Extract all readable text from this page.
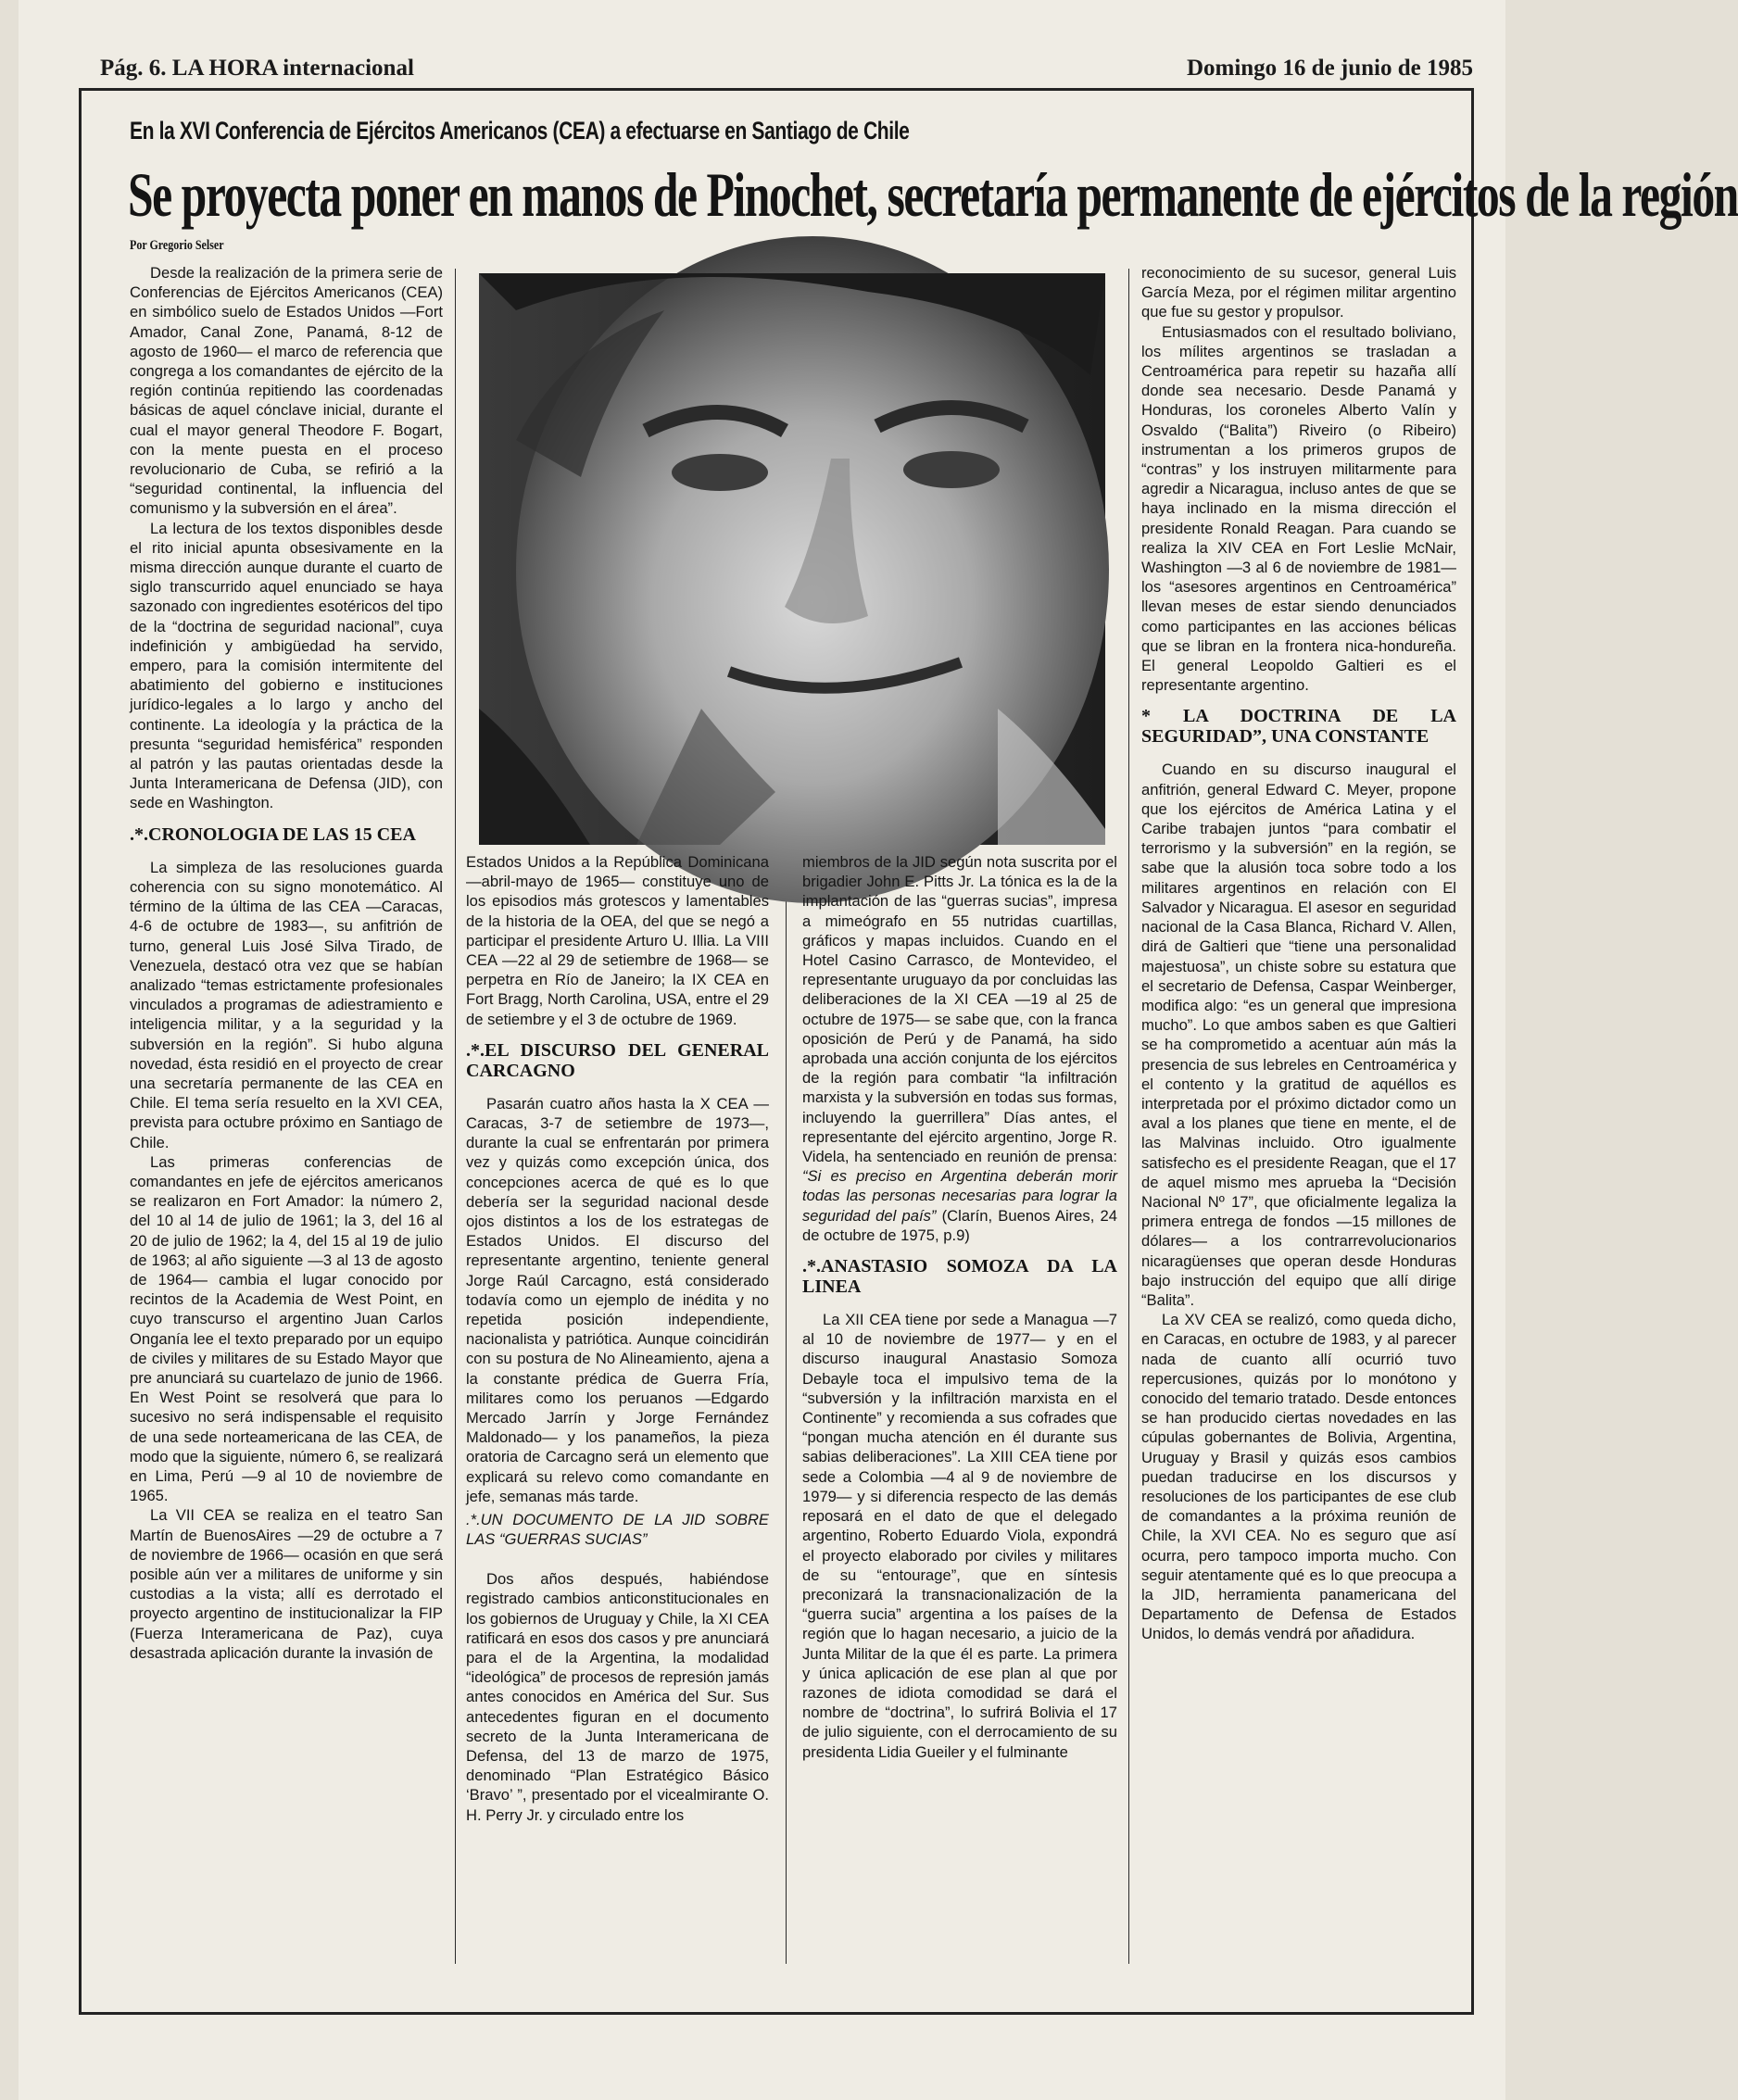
Pág. 6. LA HORA internacional	Domingo 16 de junio de 1985
En la XVI Conferencia de Ejércitos Americanos (CEA) a efectuarse en Santiago de Chile
Se proyecta poner en manos de Pinochet, secretaría permanente de ejércitos de la región
Por Gregorio Selser

Desde la realización de la primera serie de Conferencias de Ejércitos Americanos (CEA) en simbólico suelo de Estados Unidos —Fort Amador, Canal Zone, Panamá, 8-12 de agosto de 1960— el marco de referencia que congrega a los comandantes de ejército de la región continúa repitiendo las coordenadas básicas de aquel cónclave inicial, durante el cual el mayor general Theodore F. Bogart, con la mente puesta en el proceso revolucionario de Cuba, se refirió a la “seguridad continental, la influencia del comunismo y la subversión en el área”.

La lectura de los textos disponibles desde el rito inicial apunta obsesivamente en la misma dirección aunque durante el cuarto de siglo transcurrido aquel enunciado se haya sazonado con ingredientes esotéricos del tipo de la “doctrina de seguridad nacional”, cuya indefinición y ambigüedad ha servido, empero, para la comisión intermitente del abatimiento del gobierno e instituciones jurídico-legales a lo largo y ancho del continente. La ideología y la práctica de la presunta “seguridad hemisférica” responden al patrón y las pautas orientadas desde la Junta Interamericana de Defensa (JID), con sede en Washington.

.*.CRONOLOGIA DE LAS 15 CEA

La simpleza de las resoluciones guarda coherencia con su signo monotemático. Al término de la última de las CEA —Caracas, 4-6 de octubre de 1983—, su anfitrión de turno, general Luis José Silva Tirado, de Venezuela, destacó otra vez que se habían analizado “temas estrictamente profesionales vinculados a programas de adiestramiento e inteligencia militar, y a la seguridad y la subversión en la región”. Si hubo alguna novedad, ésta residió en el proyecto de crear una secretaría permanente de las CEA en Chile. El tema sería resuelto en la XVI CEA, prevista para octubre próximo en Santiago de Chile.

Las primeras conferencias de comandantes en jefe de ejércitos americanos se realizaron en Fort Amador: la número 2, del 10 al 14 de julio de 1961; la 3, del 16 al 20 de julio de 1962; la 4, del 15 al 19 de julio de 1963; al año siguiente —3 al 13 de agosto de 1964— cambia el lugar conocido por recintos de la Academia de West Point, en cuyo transcurso el argentino Juan Carlos Onganía lee el texto preparado por un equipo de civiles y militares de su Estado Mayor que pre anunciará su cuartelazo de junio de 1966. En West Point se resolverá que para lo sucesivo no será indispensable el requisito de una sede norteamericana de las CEA, de modo que la siguiente, número 6, se realizará en Lima, Perú —9 al 10 de noviembre de 1965.

La VII CEA se realiza en el teatro San Martín de BuenosAires —29 de octubre a 7 de noviembre de 1966— ocasión en que será posible aún ver a militares de uniforme y sin custodias a la vista; allí es derrotado el proyecto argentino de institucionalizar la FIP (Fuerza Interamericana de Paz), cuya desastrada aplicación durante la invasión de

Estados Unidos a la República Dominicana —abril-mayo de 1965— constituye uno de los episodios más grotescos y lamentables de la historia de la OEA, del que se negó a participar el presidente Arturo U. Illia. La VIII CEA —22 al 29 de setiembre de 1968— se perpetra en Río de Janeiro; la IX CEA en Fort Bragg, North Carolina, USA, entre el 29 de setiembre y el 3 de octubre de 1969.

.*.EL DISCURSO DEL GENERAL CARCAGNO

Pasarán cuatro años hasta la X CEA —Caracas, 3-7 de setiembre de 1973—, durante la cual se enfrentarán por primera vez y quizás como excepción única, dos concepciones acerca de qué es lo que debería ser la seguridad nacional desde ojos distintos a los de los estrategas de Estados Unidos. El discurso del representante argentino, teniente general Jorge Raúl Carcagno, está considerado todavía como un ejemplo de inédita y no repetida posición independiente, nacionalista y patriótica. Aunque coincidirán con su postura de No Alineamiento, ajena a la constante prédica de Guerra Fría, militares como los peruanos —Edgardo Mercado Jarrín y Jorge Fernández Maldonado— y los panameños, la pieza oratoria de Carcagno será un elemento que explicará su relevo como comandante en jefe, semanas más tarde.

.*.UN DOCUMENTO DE LA JID SOBRE LAS “GUERRAS SUCIAS”

Dos años después, habiéndose registrado cambios anticonstitucionales en los gobiernos de Uruguay y Chile, la XI CEA ratificará en esos dos casos y pre anunciará para el de la Argentina, la modalidad “ideológica” de procesos de represión jamás antes conocidos en América del Sur. Sus antecedentes figuran en el documento secreto de la Junta Interamericana de Defensa, del 13 de marzo de 1975, denominado “Plan Estratégico Básico ‘Bravo’ ”, presentado por el vicealmirante O. H. Perry Jr. y circulado entre los

miembros de la JID según nota suscrita por el brigadier John E. Pitts Jr. La tónica es la de la implantación de las “guerras sucias”, impresa a mimeógrafo en 55 nutridas cuartillas, gráficos y mapas incluidos. Cuando en el Hotel Casino Carrasco, de Montevideo, el representante uruguayo da por concluidas las deliberaciones de la XI CEA —19 al 25 de octubre de 1975— se sabe que, con la franca oposición de Perú y de Panamá, ha sido aprobada una acción conjunta de los ejércitos de la región para combatir “la infiltración marxista y la subversión en todas sus formas, incluyendo la guerrillera” Días antes, el representante del ejército argentino, Jorge R. Videla, ha sentenciado en reunión de prensa: “Si es preciso en Argentina deberán morir todas las personas necesarias para lograr la seguridad del país” (Clarín, Buenos Aires, 24 de octubre de 1975, p.9)

.*.ANASTASIO SOMOZA DA LA LINEA

La XII CEA tiene por sede a Managua —7 al 10 de noviembre de 1977— y en el discurso inaugural Anastasio Somoza Debayle toca el impulsivo tema de la “subversión y la infiltración marxista en el Continente” y recomienda a sus cofrades que “pongan mucha atención en él durante sus sabias deliberaciones”. La XIII CEA tiene por sede a Colombia —4 al 9 de noviembre de 1979— y si diferencia respecto de las demás reposará en el dato de que el delegado argentino, Roberto Eduardo Viola, expondrá el proyecto elaborado por civiles y militares de su “entourage”, que en síntesis preconizará la transnacionalización de la “guerra sucia” argentina a los países de la región que lo hagan necesario, a juicio de la Junta Militar de la que él es parte. La primera y única aplicación de ese plan al que por razones de idiota comodidad se dará el nombre de “doctrina”, lo sufrirá Bolivia el 17 de julio siguiente, con el derrocamiento de su presidenta Lidia Gueiler y el fulminante

reconocimiento de su sucesor, general Luis García Meza, por el régimen militar argentino que fue su gestor y propulsor.

Entusiasmados con el resultado boliviano, los mílites argentinos se trasladan a Centroamérica para repetir su hazaña allí donde sea necesario. Desde Panamá y Honduras, los coroneles Alberto Valín y Osvaldo (“Balita”) Riveiro (o Ribeiro) instrumentan a los primeros grupos de “contras” y los instruyen militarmente para agredir a Nicaragua, incluso antes de que se haya inclinado en la misma dirección el presidente Ronald Reagan. Para cuando se realiza la XIV CEA en Fort Leslie McNair, Washington —3 al 6 de noviembre de 1981— los “asesores argentinos en Centroamérica” llevan meses de estar siendo denunciados como participantes en las acciones bélicas que se libran en la frontera nica-hondureña. El general Leopoldo Galtieri es el representante argentino.

* LA DOCTRINA DE LA SEGURIDAD”, UNA CONSTANTE

Cuando en su discurso inaugural el anfitrión, general Edward C. Meyer, propone que los ejércitos de América Latina y el Caribe trabajen juntos “para combatir el terrorismo y la subversión” en la región, se sabe que la alusión toca sobre todo a los militares argentinos en relación con El Salvador y Nicaragua. El asesor en seguridad nacional de la Casa Blanca, Richard V. Allen, dirá de Galtieri que “tiene una personalidad majestuosa”, un chiste sobre su estatura que el secretario de Defensa, Caspar Weinberger, modifica algo: “es un general que impresiona mucho”. Lo que ambos saben es que Galtieri se ha comprometido a acentuar aún más la presencia de sus lebreles en Centroamérica y el contento y la gratitud de aquéllos es interpretada por el próximo dictador como un aval a los planes que tiene en mente, el de las Malvinas incluido. Otro igualmente satisfecho es el presidente Reagan, que el 17 de aquel mismo mes aprueba la “Decisión Nacional Nº 17”, que oficialmente legaliza la primera entrega de fondos —15 millones de dólares— a los contrarrevolucionarios nicaragüenses que operan desde Honduras bajo instrucción del equipo que allí dirige “Balita”.

La XV CEA se realizó, como queda dicho, en Caracas, en octubre de 1983, y al parecer nada de cuanto allí ocurrió tuvo repercusiones, quizás por lo monótono y conocido del temario tratado. Desde entonces se han producido ciertas novedades en las cúpulas gobernantes de Bolivia, Argentina, Uruguay y Brasil y quizás esos cambios puedan traducirse en los discursos y resoluciones de los participantes de ese club de comandantes a la próxima reunión de Chile, la XVI CEA. No es seguro que así ocurra, pero tampoco importa mucho. Con seguir atentamente qué es lo que preocupa a la JID, herramienta panamericana del Departamento de Defensa de Estados Unidos, lo demás vendrá por añadidura.
